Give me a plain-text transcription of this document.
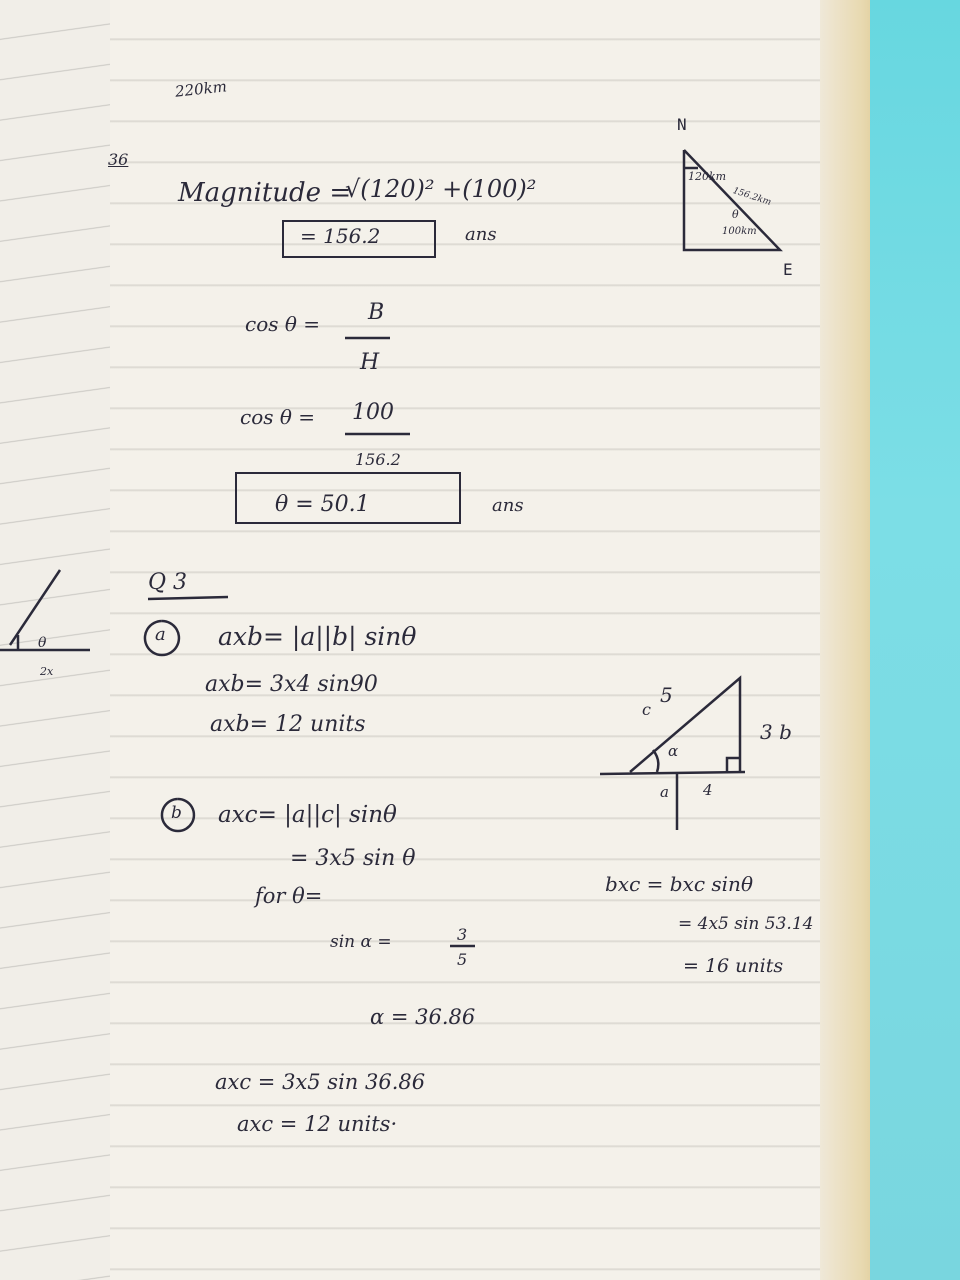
θ
2x
220km
36
Magnitude =
√(120)² +(100)²
= 156.2	ans
N
E
120km
156.2km
θ
100km
cos θ = B
H
cos θ = 100
156.2
θ = 50.1	ans
Q 3
a axb= |a||b| sinθ
axb= 3x4 sin90
axb= 12 units
c
5
3 b
α
a 4
b axc= |a||c| sinθ
= 3x5 sin θ
for θ=
sin α =	3
5
α = 36.86
axc = 3x5 sin 36.86
axc = 12 units·
bxc = bxc sinθ
= 4x5 sin 53.14
= 16 units
